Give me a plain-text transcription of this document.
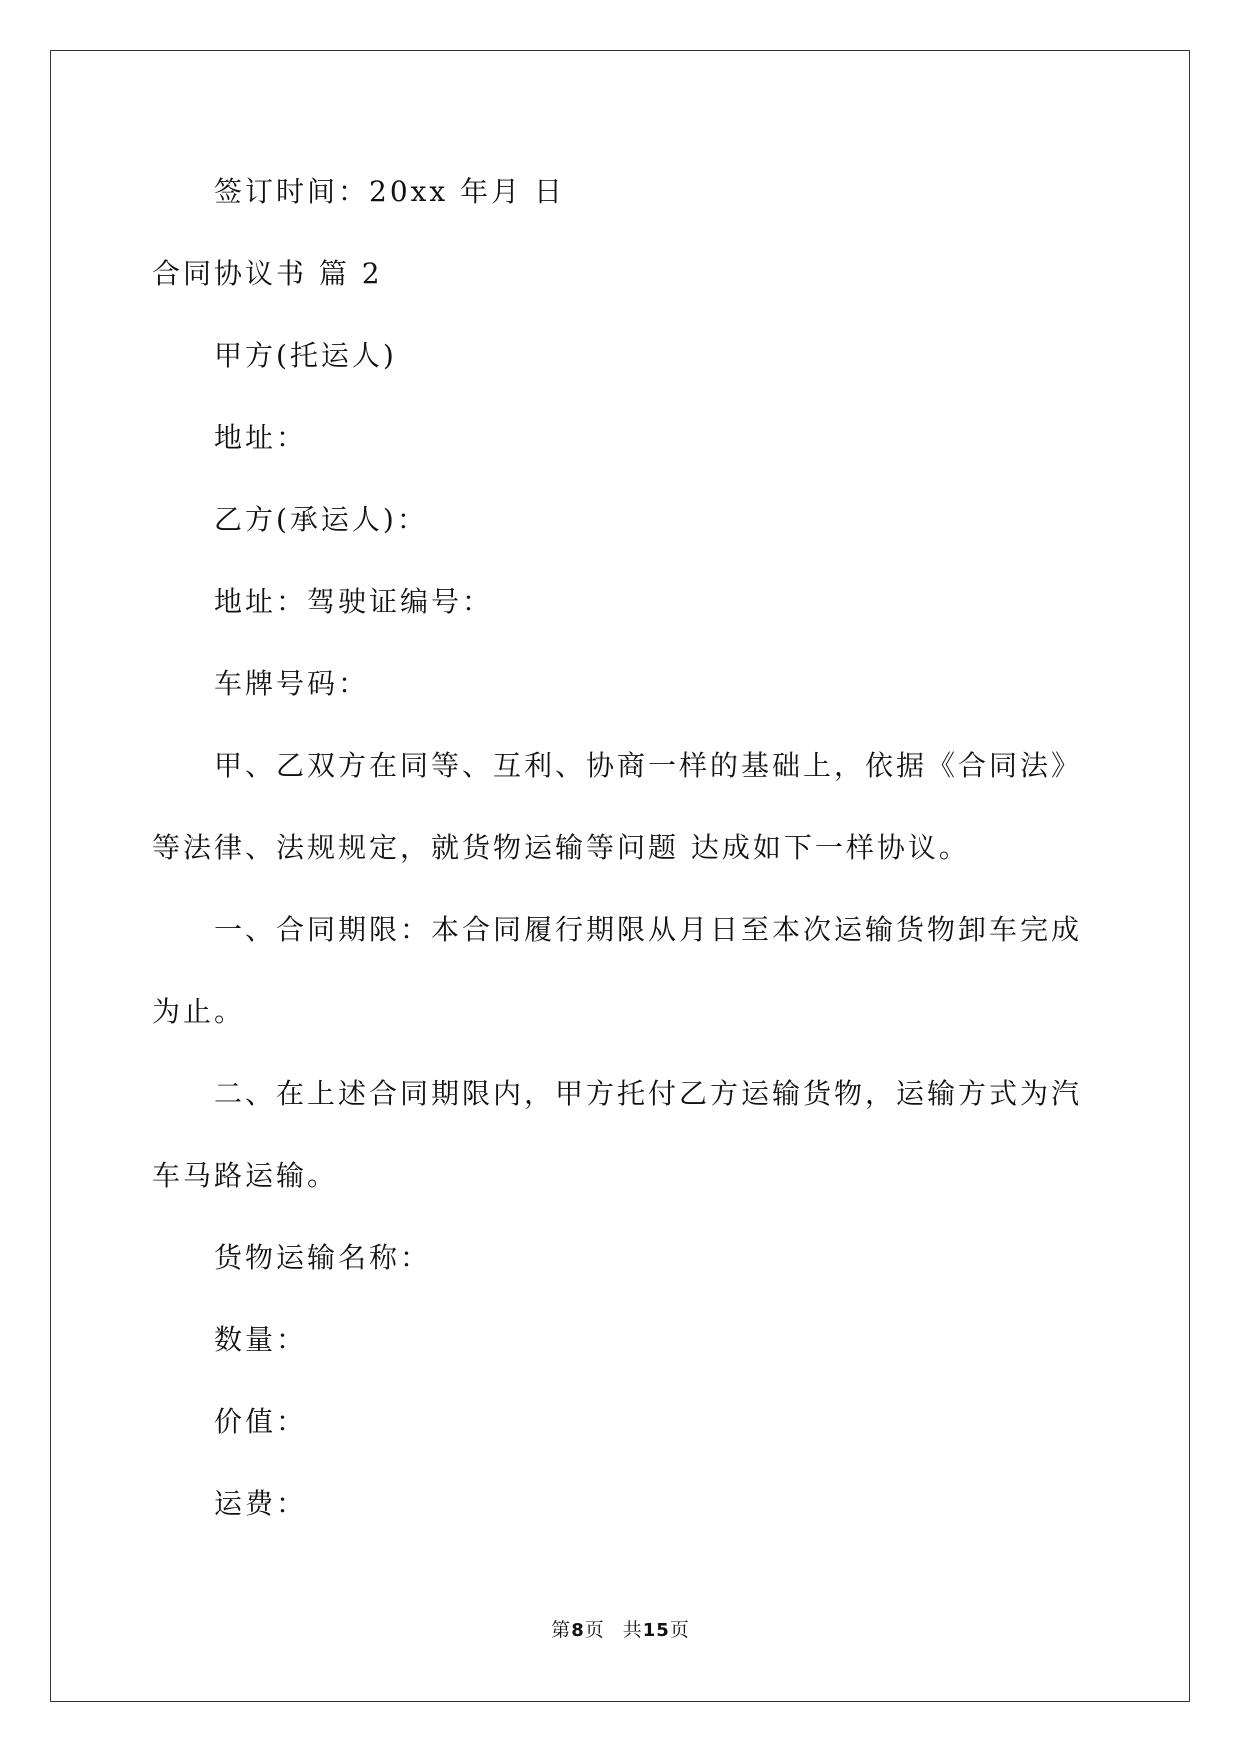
签订时间：20xx 年月 日
合同协议书 篇 2
甲方(托运人)
地址：
乙方(承运人)：
地址：驾驶证编号：
车牌号码：
甲、乙双方在同等、互利、协商一样的基础上，依据《合同法》
等法律、法规规定，就货物运输等问题 达成如下一样协议。
一、合同期限：本合同履行期限从月日至本次运输货物卸车完成
为止。
二、在上述合同期限内，甲方托付乙方运输货物，运输方式为汽
车马路运输。
货物运输名称：
数量：
价值：
运费：
第8页 共15页
